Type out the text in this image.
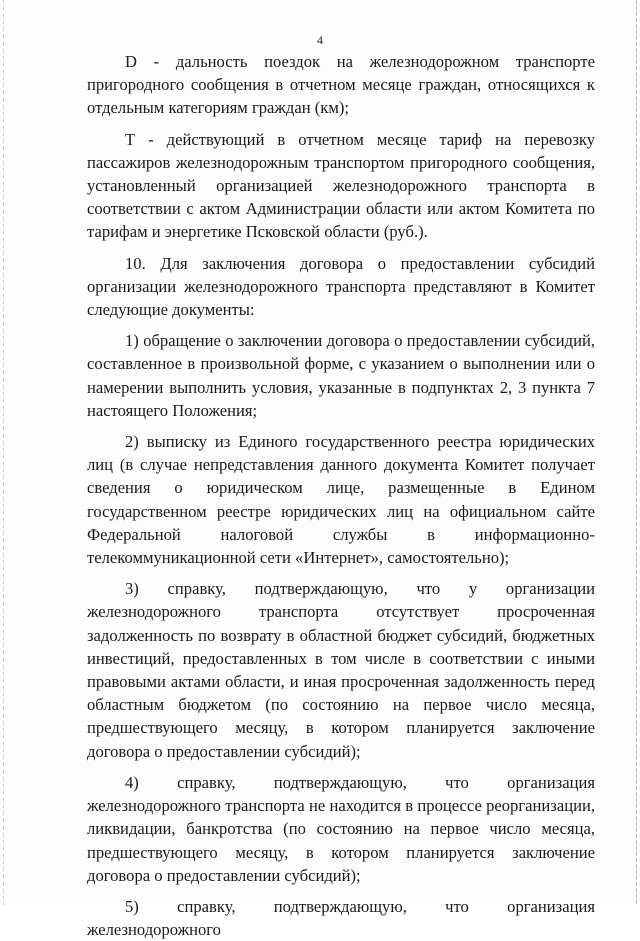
4

D - дальность поездок на железнодорожном транспорте пригородного сообщения в отчетном месяце граждан, относящихся к отдельным категориям граждан (км);

Т - действующий в отчетном месяце тариф на перевозку пассажиров железнодорожным транспортом пригородного сообщения, установленный организацией железнодорожного транспорта в соответствии с актом Администрации области или актом Комитета по тарифам и энергетике Псковской области (руб.).

10. Для заключения договора о предоставлении субсидий организации железнодорожного транспорта представляют в Комитет следующие документы:

1) обращение о заключении договора о предоставлении субсидий, составленное в произвольной форме, с указанием о выполнении или о намерении выполнить условия, указанные в подпунктах 2, 3 пункта 7 настоящего Положения;

2) выписку из Единого государственного реестра юридических лиц (в случае непредставления данного документа Комитет получает сведения о юридическом лице, размещенные в Едином государственном реестре юридических лиц на официальном сайте Федеральной налоговой службы в информационно-телекоммуникационной сети «Интернет», самостоятельно);

3) справку, подтверждающую, что у организации железнодорожного транспорта отсутствует просроченная задолженность по возврату в областной бюджет субсидий, бюджетных инвестиций, предоставленных в том числе в соответствии с иными правовыми актами области, и иная просроченная задолженность перед областным бюджетом (по состоянию на первое число месяца, предшествующего месяцу, в котором планируется заключение договора о предоставлении субсидий);

4) справку, подтверждающую, что организация железнодорожного транспорта не находится в процессе реорганизации, ликвидации, банкротства (по состоянию на первое число месяца, предшествующего месяцу, в котором планируется заключение договора о предоставлении субсидий);

5) справку, подтверждающую, что организация железнодорожного
